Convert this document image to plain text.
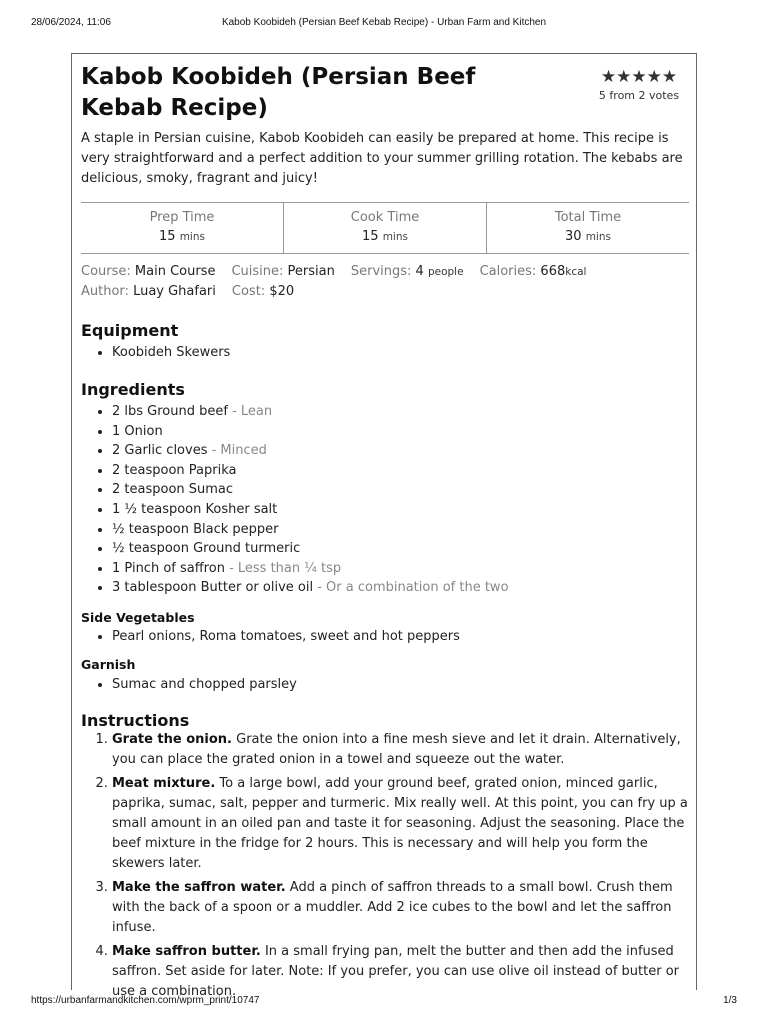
28/06/2024, 11:06	Kabob Koobideh (Persian Beef Kebab Recipe) - Urban Farm and Kitchen
Kabob Koobideh (Persian Beef Kebab Recipe)
★★★★★
5 from 2 votes

A staple in Persian cuisine, Kabob Koobideh can easily be prepared at home. This recipe is very straightforward and a perfect addition to your summer grilling rotation. The kebabs are delicious, smoky, fragrant and juicy!

Prep Time
15 mins
Cook Time
15 mins
Total Time
30 mins
Course: Main Course Cuisine: Persian Servings: 4 people Calories: 668kcal
Author: Luay Ghafari Cost: $20
Equipment
• Koobideh Skewers
Ingredients
• 2 lbs Ground beef - Lean
• 1 Onion
• 2 Garlic cloves - Minced
• 2 teaspoon Paprika
• 2 teaspoon Sumac
• 1 ½ teaspoon Kosher salt
• ½ teaspoon Black pepper
• ½ teaspoon Ground turmeric
• 1 Pinch of saffron - Less than ¼ tsp
• 3 tablespoon Butter or olive oil - Or a combination of the two
Side Vegetables
• Pearl onions, Roma tomatoes, sweet and hot peppers
Garnish
• Sumac and chopped parsley
Instructions
1. Grate the onion. Grate the onion into a fine mesh sieve and let it drain. Alternatively, you can place the grated onion in a towel and squeeze out the water.
2. Meat mixture. To a large bowl, add your ground beef, grated onion, minced garlic, paprika, sumac, salt, pepper and turmeric. Mix really well. At this point, you can fry up a small amount in an oiled pan and taste it for seasoning. Adjust the seasoning. Place the beef mixture in the fridge for 2 hours. This is necessary and will help you form the skewers later.
3. Make the saffron water. Add a pinch of saffron threads to a small bowl. Crush them with the back of a spoon or a muddler. Add 2 ice cubes to the bowl and let the saffron infuse.
4. Make saffron butter. In a small frying pan, melt the butter and then add the infused saffron. Set aside for later. Note: If you prefer, you can use olive oil instead of butter or use a combination.
https://urbanfarmandkitchen.com/wprm_print/10747	1/3
